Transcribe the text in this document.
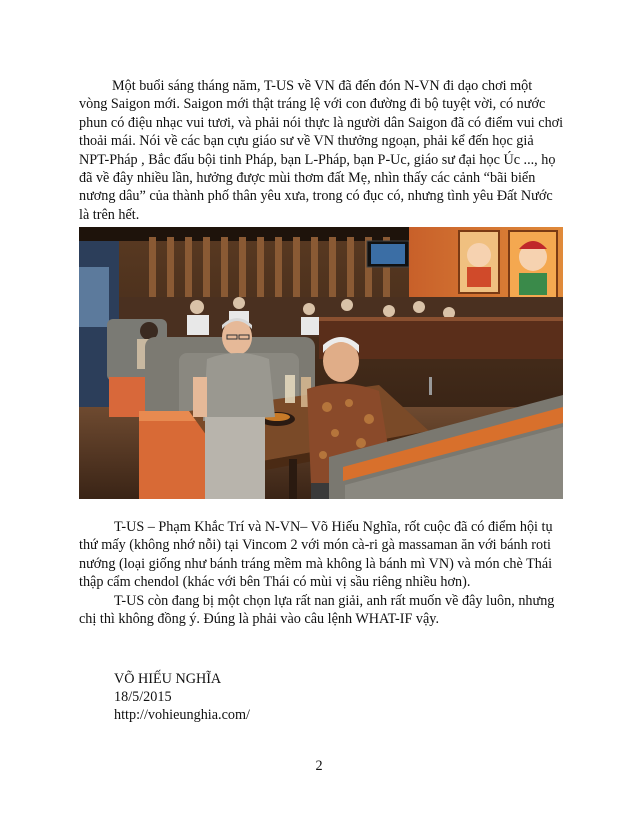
Một buổi sáng tháng năm, T-US về VN đã đến đón N-VN đi dạo chơi một vòng Saigon mới. Saigon mới thật tráng lệ với con đường đi bộ tuyệt vời, có nước phun có điệu nhạc vui tươi, và phải nói thực là người dân Saigon đã có điểm vui chơi thoải mái. Nói về các bạn cựu giáo sư về VN thưởng ngoạn, phải kể đến học giả NPT-Pháp , Bắc đẩu bội tinh Pháp, bạn L-Pháp, bạn P-Uc, giáo sư đại học Úc ..., họ đã về đây nhiều lần, hưởng được mùi thơm đất Mẹ, nhìn thấy các cảnh “bãi biển nương dâu” của thành phố thân yêu xưa, trong có đục có, nhưng tình yêu Đất Nước là trên hết.

T-US – Phạm Khắc Trí và N-VN– Võ Hiếu Nghĩa, rốt cuộc đã có điểm hội tụ thứ mấy (không nhớ nỗi) tại Vincom 2 với món cà-ri gà massaman ăn với bánh roti nướng (loại giống như bánh tráng mềm mà không là bánh mì VN) và món chè Thái thập cẩm chendol (khác với bên Thái có mùi vị sầu riêng nhiều hơn).

T-US còn đang bị một chọn lựa rất nan giải, anh rất muốn về đây luôn, nhưng chị thì không đồng ý. Đúng là phải vào câu lệnh WHAT-IF vậy.

VÕ HIẾU NGHĨA
18/5/2015
http://vohieunghia.com/
2
